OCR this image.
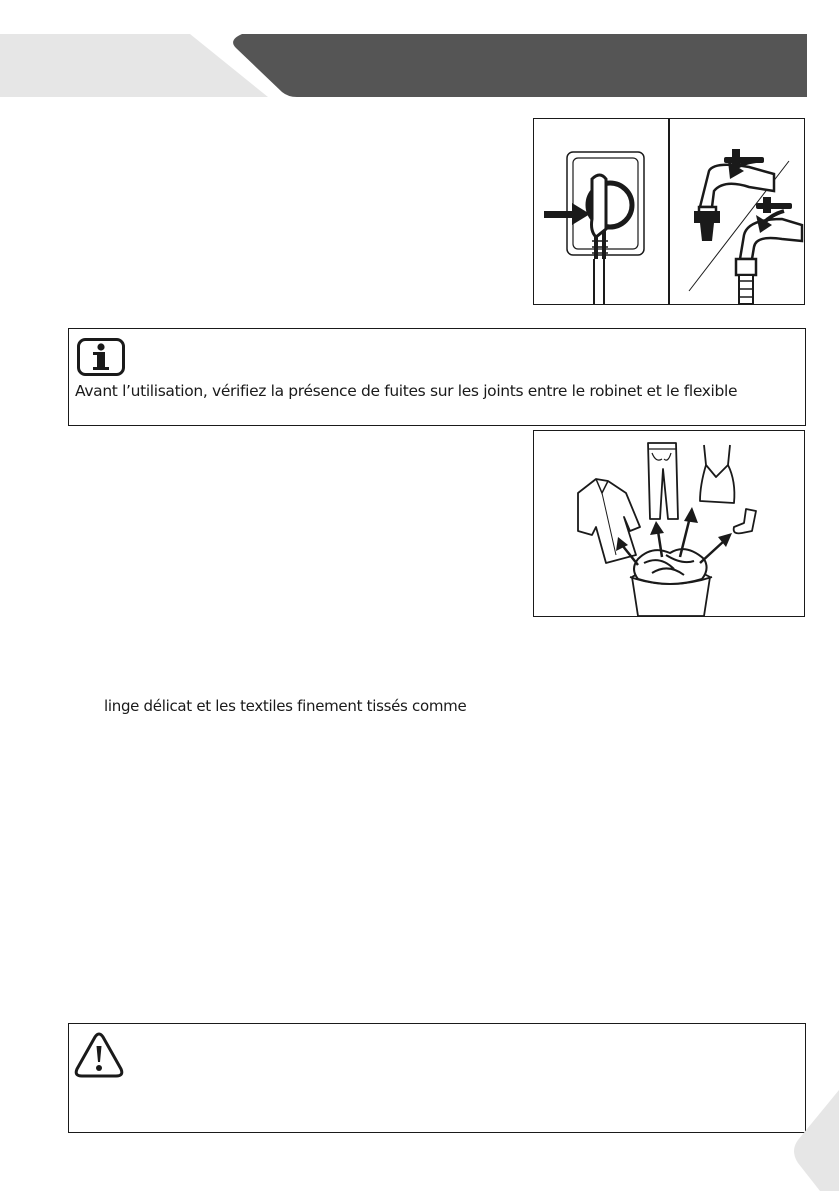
Avant l’utilisation, vérifiez la présence de fuites sur les joints entre le robinet et le flexible
linge délicat et les textiles finement tissés comme
